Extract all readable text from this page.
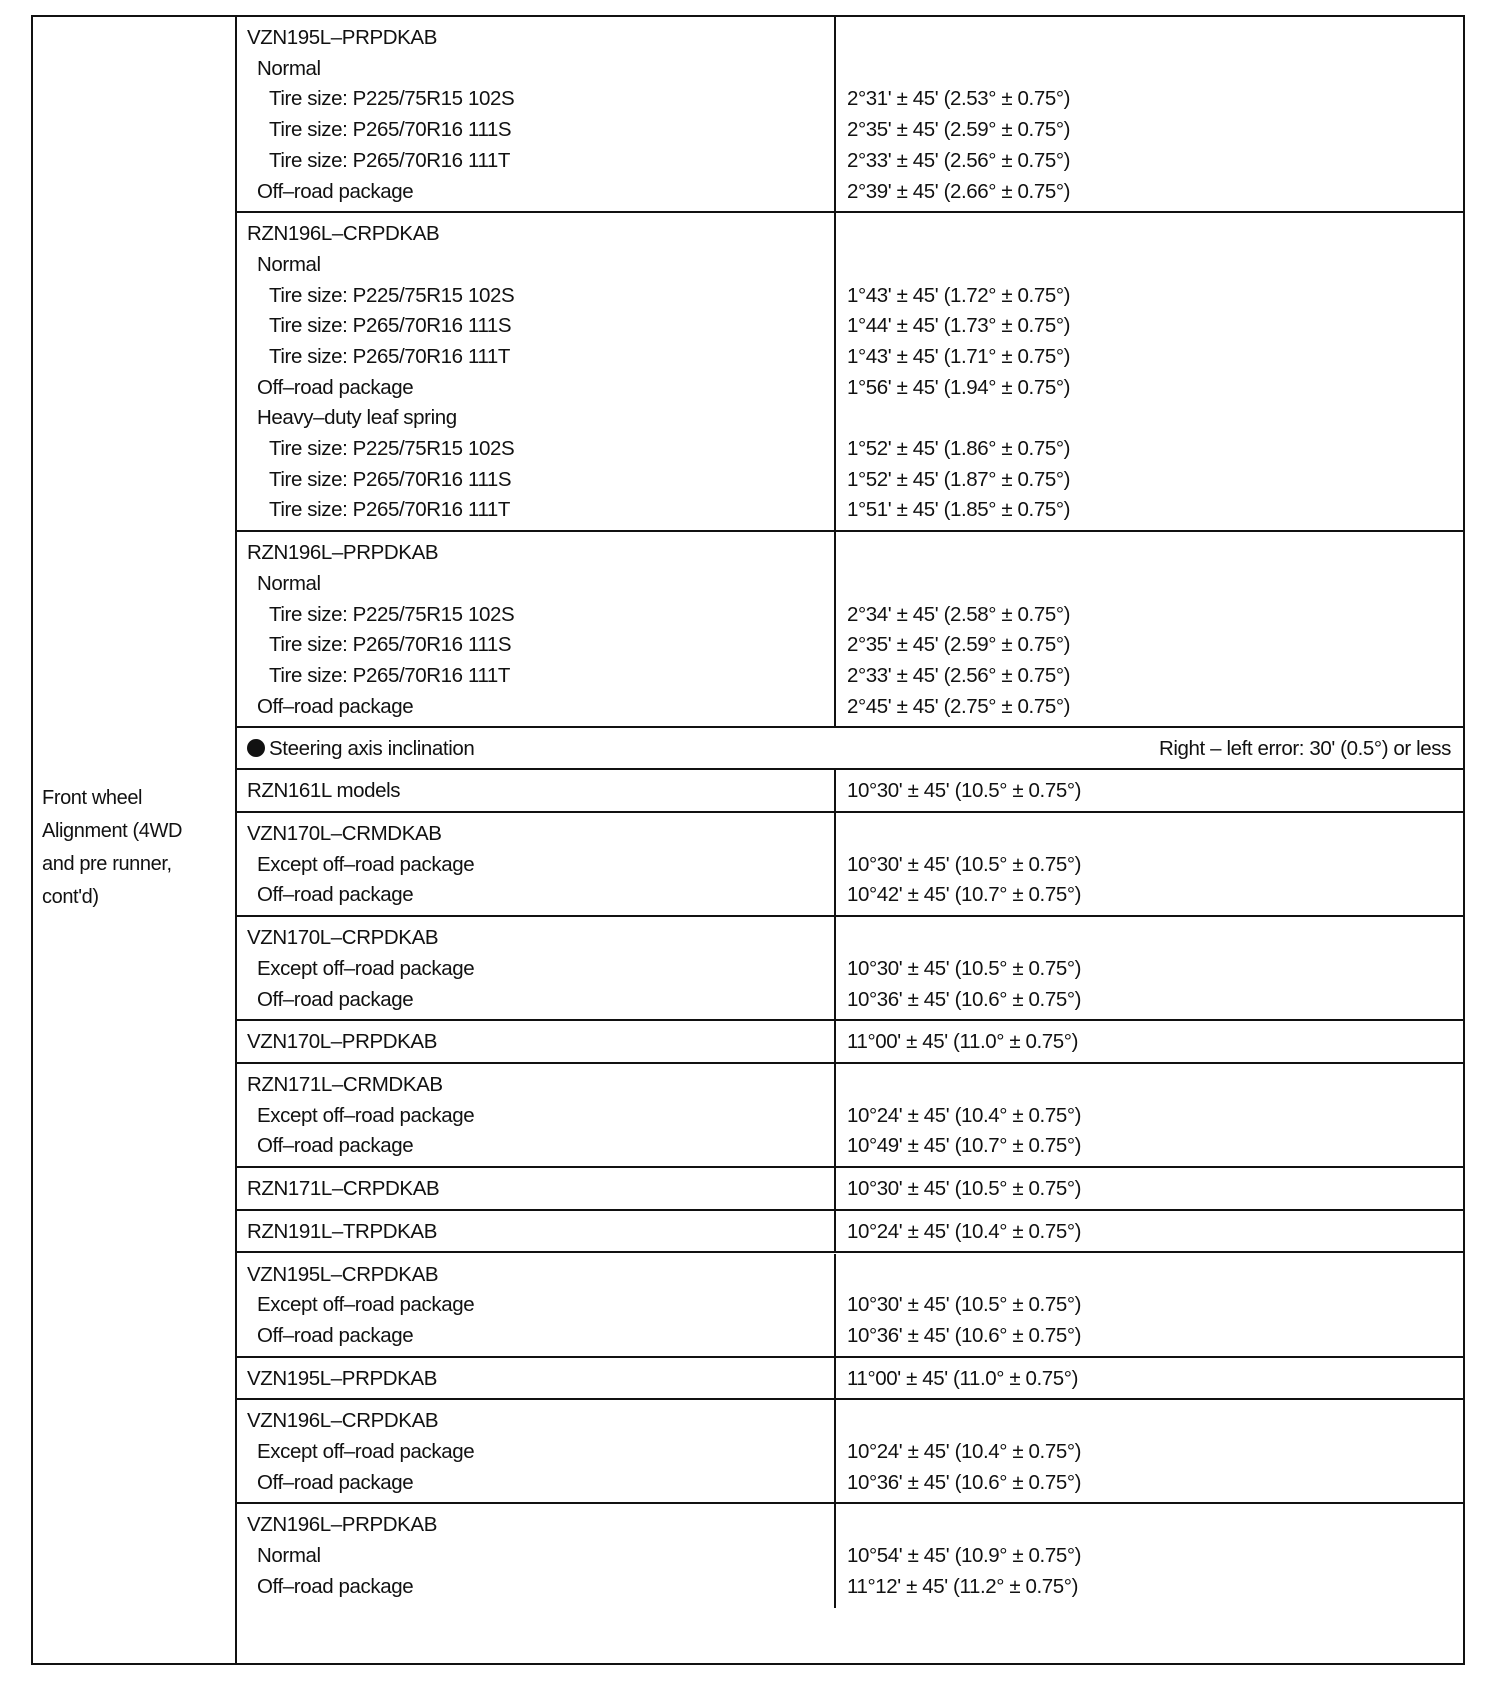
Front wheel
Alignment (4WD
and pre runner,
cont'd)
VZN195L–PRPDKAB
Normal
Tire size: P225/75R15 102S	2°31' ± 45' (2.53° ± 0.75°)
Tire size: P265/70R16 111S	2°35' ± 45' (2.59° ± 0.75°)
Tire size: P265/70R16 111T	2°33' ± 45' (2.56° ± 0.75°)
Off–road package	2°39' ± 45' (2.66° ± 0.75°)
RZN196L–CRPDKAB
Normal
Tire size: P225/75R15 102S	1°43' ± 45' (1.72° ± 0.75°)
Tire size: P265/70R16 111S	1°44' ± 45' (1.73° ± 0.75°)
Tire size: P265/70R16 111T	1°43' ± 45' (1.71° ± 0.75°)
Off–road package	1°56' ± 45' (1.94° ± 0.75°)
Heavy–duty leaf spring
Tire size: P225/75R15 102S	1°52' ± 45' (1.86° ± 0.75°)
Tire size: P265/70R16 111S	1°52' ± 45' (1.87° ± 0.75°)
Tire size: P265/70R16 111T	1°51' ± 45' (1.85° ± 0.75°)
RZN196L–PRPDKAB
Normal
Tire size: P225/75R15 102S	2°34' ± 45' (2.58° ± 0.75°)
Tire size: P265/70R16 111S	2°35' ± 45' (2.59° ± 0.75°)
Tire size: P265/70R16 111T	2°33' ± 45' (2.56° ± 0.75°)
Off–road package	2°45' ± 45' (2.75° ± 0.75°)
Steering axis inclination	Right – left error: 30' (0.5°) or less
RZN161L models	10°30' ± 45' (10.5° ± 0.75°)
VZN170L–CRMDKAB
Except off–road package	10°30' ± 45' (10.5° ± 0.75°)
Off–road package	10°42' ± 45' (10.7° ± 0.75°)
VZN170L–CRPDKAB
Except off–road package	10°30' ± 45' (10.5° ± 0.75°)
Off–road package	10°36' ± 45' (10.6° ± 0.75°)
VZN170L–PRPDKAB	11°00' ± 45' (11.0° ± 0.75°)
RZN171L–CRMDKAB
Except off–road package	10°24' ± 45' (10.4° ± 0.75°)
Off–road package	10°49' ± 45' (10.7° ± 0.75°)
RZN171L–CRPDKAB	10°30' ± 45' (10.5° ± 0.75°)
RZN191L–TRPDKAB	10°24' ± 45' (10.4° ± 0.75°)
VZN195L–CRPDKAB
Except off–road package	10°30' ± 45' (10.5° ± 0.75°)
Off–road package	10°36' ± 45' (10.6° ± 0.75°)
VZN195L–PRPDKAB	11°00' ± 45' (11.0° ± 0.75°)
VZN196L–CRPDKAB
Except off–road package	10°24' ± 45' (10.4° ± 0.75°)
Off–road package	10°36' ± 45' (10.6° ± 0.75°)
VZN196L–PRPDKAB
Normal	10°54' ± 45' (10.9° ± 0.75°)
Off–road package	11°12' ± 45' (11.2° ± 0.75°)
